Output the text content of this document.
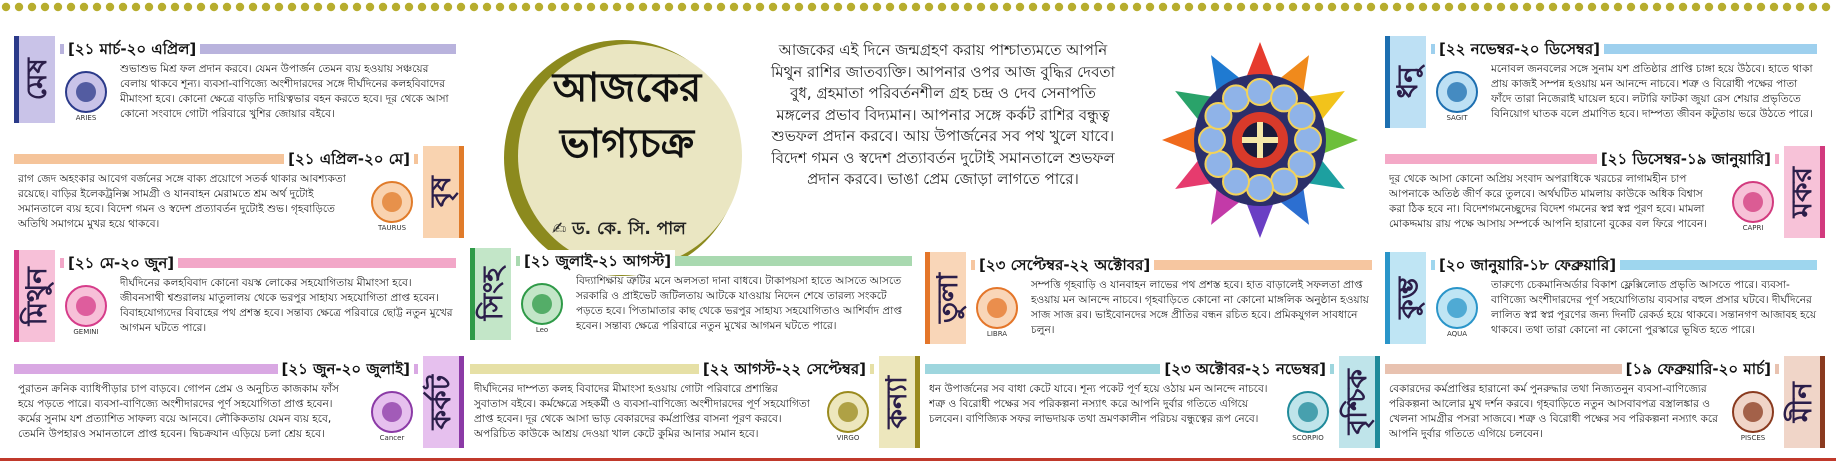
আজকের
ভাগ্যচক্র
✍ ড. কে. সি. পাল
আজকের এই দিনে জন্মগ্রহণ করায় পাশ্চাত্যমতে আপনি মিথুন রাশির জাতব্যক্তি। আপনার ওপর আজ বুদ্ধির দেবতা বুধ, গ্রহমাতা পরিবর্তনশীল গ্রহ চন্দ্র ও দেব সেনাপতি মঙ্গলের প্রভাব বিদ্যমান। আপনার সঙ্গে কর্কট রাশির বন্ধুত্ব শুভফল প্রদান করবে। আয় উপার্জনের সব পথ খুলে যাবে। বিদেশ গমন ও স্বদেশ প্রত্যাবর্তন দুটোই সমানতালে শুভফল প্রদান করবে। ভাঙা প্রেম জোড়া লাগতে পারে।
মেষ
[২১ মার্চ-২০ এপ্রিল]
ARIES
শুভাশুভ মিশ্র ফল প্রদান করবে। যেমন উপার্জন তেমন ব্যয় হওয়ায় সঞ্চয়ের বেলায় থাকবে শূন্য। ব্যবসা-বাণিজ্যে অংশীদারদের সঙ্গে দীর্ঘদিনের কলহবিবাদের মীমাংসা হবে। কোনো ক্ষেত্রে বাড়তি দায়িত্বভার বহন করতে হবে। দূর থেকে আসা কোনো সংবাদে গোটা পরিবারে খুশির জোয়ার বইবে।
বৃষ
[২১ এপ্রিল-২০ মে]
TAURUS
রাগ জেদ অহংকার আবেগ বর্জনের সঙ্গে বাক্য প্রয়োগে সতর্ক থাকার আবশ্যকতা রয়েছে। বাড়ির ইলেকট্রনিক্স সামগ্রী ও যানবাহন মেরামতে শ্রম অর্থ দুটোই সমানতালে ব্যয় হবে। বিদেশ গমন ও স্বদেশ প্রত্যাবর্তন দুটোই শুভ। গৃহবাড়িতে অতিথি সমাগমে মুখর হয়ে থাকবে।
মিথুন
[২১ মে-২০ জুন]
GEMINI
দীর্ঘদিনের কলহবিবাদ কোনো বয়স্ক লোকের সহযোগিতায় মীমাংসা হবে। জীবনসাথী শ্বশুরালয় মাতুলালয় থেকে ভরপুর সাহায্য সহযোগিতা প্রাপ্ত হবেন। বিবাহযোগ্যদের বিবাহের পথ প্রশস্ত হবে। সন্তাব্য ক্ষেত্রে পরিবারে ছোট্ট নতুন মুখের আগমন ঘটতে পারে।
কর্কট
[২১ জুন-২০ জুলাই]
Cancer
পুরাতন ক্রনিক ব্যাধিপীড়ার চাপ বাড়বে। গোপন প্রেম ও অনুচিত কাজকাম ফাঁস হয়ে পড়তে পারে। ব্যবসা-বাণিজ্যে অংশীদারদের পূর্ণ সহযোগিতা প্রাপ্ত হবেন। কর্মের সুনাম যশ প্রত্যাশিত সাফল্য বয়ে আনবে। লৌকিকতায় যেমন ব্যয় হবে, তেমনি উপহারও সমানতালে প্রাপ্ত হবেন। দ্বিচক্রযান এড়িয়ে চলা শ্রেয় হবে।
সিংহ
[২১ জুলাই-২১ আগস্ট]
Leo
বিদ্যাশিক্ষায় ত্রুটির মনে অলসতা দানা বাধবে। টাকাপয়সা হাতে আসতে আসতে সরকারি ও প্রাইভেট জটিলতায় আটকে যাওয়ায় নিদেন শেষে তারল্য সংকটে পড়তে হবে। পিতামাতার কাছ থেকে ভরপুর সাহায্য সহযোগিতাও আশির্বাদ প্রাপ্ত হবেন। সন্তাব্য ক্ষেত্রে পরিবারে নতুন মুখের আগমন ঘটতে পারে।
কন্যা
[২২ আগস্ট-২২ সেপ্টেম্বর]
VIRGO
দীর্ঘদিনের দাম্পত্য কলহ বিবাদের মীমাংসা হওয়ায় গোটা পরিবারে প্রশান্তির সুবাতাস বইবে। কর্মক্ষেত্রে সহকর্মী ও ব্যবসা-বাণিজ্যে অংশীদারদের পূর্ণ সহযোগিতা প্রাপ্ত হবেন। দূর থেকে আসা ভাড় বেকারদের কর্মপ্রাপ্তির বাসনা পূরণ করবে। অপরিচিত কাউকে আশ্রয় দেওয়া খাল কেটে কুমির আনার সমান হবে।
তুলা
[২৩ সেপ্টেম্বর-২২ অক্টোবর]
LIBRA
সম্পত্তি গৃহবাড়ি ও যানবাহন লাভের পথ প্রশস্ত হবে। হাত বাড়ালেই সফলতা প্রাপ্ত হওয়ায় মন আনন্দে নাচবে। গৃহবাড়িতে কোনো না কোনো মাঙ্গলিক অনুষ্ঠান হওয়ায় সাজ সাজ রব। ভাইবোনদের সঙ্গে প্রীতির বন্ধন রচিত হবে। প্রমিকযুগল সাবধানে চলুন।
বৃশ্চিক
[২৩ অক্টোবর-২১ নভেম্বর]
SCORPIO
ধন উপার্জনের সব বাধা কেটে যাবে। শূন্য পকেট পূর্ণ হয়ে ওঠায় মন আনন্দে নাচবে। শত্রু ও বিরোধী পক্ষের সব পরিকল্পনা নস্যাৎ করে আপনি দুর্বার গতিতে এগিয়ে চলবেন। বাণিজ্যিক সফর লাভদায়ক তথা ভ্রমণকালীন পরিচয় বন্ধুত্বের রূপ নেবে।
ধনু
[২২ নভেম্বর-২০ ডিসেম্বর]
SAGIT
মনোবল জনবলের সঙ্গে সুনাম যশ প্রতিষ্ঠার প্রাপ্তি চাঙ্গা হয়ে উঠবে। হাতে থাকা প্রায় কাজই সম্পন্ন হওয়ায় মন আনন্দে নাচবে। শত্রু ও বিরোধী পক্ষের পাতা ফাঁদে তারা নিজেরাই ঘায়েল হবে। লটারি ফাটকা জুয়া রেস শেয়ার প্রভৃতিতে বিনিয়োগ ঘাতক বলে প্রমাণিত হবে। দাম্পত্য জীবন কটুতায় ভরে উঠতে পারে।
মকর
[২১ ডিসেম্বর-১৯ জানুয়ারি]
CAPRI
দূর থেকে আসা কোনো অপ্রিয় সংবাদ অপরাধিকে খরচের লাগামহীন চাপ আপনাকে অতিষ্ঠ জীর্ণ করে তুলবে। অর্থঘটিত মামলায় কাউকে অধিক বিশ্বাস করা ঠিক হবে না। বিদেশগমনেচ্ছুদের বিদেশ গমনের স্বপ্ন স্বপ্ন পূরণ হবে। মামলা মোকদ্দমায় রায় পক্ষে আসায় সম্পর্কে আপনি হারানো বুকের বল ফিরে পাবেন।
কুম্ভ
[২০ জানুয়ারি-১৮ ফেব্রুয়ারি]
AQUA
তারুণ্যে চেকমানিঅর্ডার বিকাশ ফ্লেক্সিলোড প্রভৃতি আসতে পারে। ব্যবসা-বাণিজ্যে অংশীদারদের পূর্ণ সহযোগিতায় ব্যবসার বহুল প্রসার ঘটবে। দীর্ঘদিনের লালিত স্বপ্ন স্বপ্ন পূরণের জন্য দিনটি রেকর্ড হয়ে থাকবে। সন্তানগণ আজাবহ হয়ে থাকবে। তথা তারা কোনো না কোনো পুরস্কারে ভূষিত হতে পারে।
মীন
[১৯ ফেব্রুয়ারি-২০ মার্চ]
PISCES
বেকারদের কর্মপ্রাপ্তির হারানো কর্ম পুনরুদ্ধার তথা নিজ্যতনুন ব্যবসা-বাণিজ্যের পরিকল্পনা আলোর মুখ দর্শন করবে। গৃহবাড়িতে নতুন আসবাবপত্র বস্ত্রালঙ্কার ও খেলনা সামগ্রীর পসরা সাজবে। শত্রু ও বিরোধী পক্ষের সব পরিকল্পনা নস্যাৎ করে আপনি দুর্বার গতিতে এগিয়ে চলবেন।
